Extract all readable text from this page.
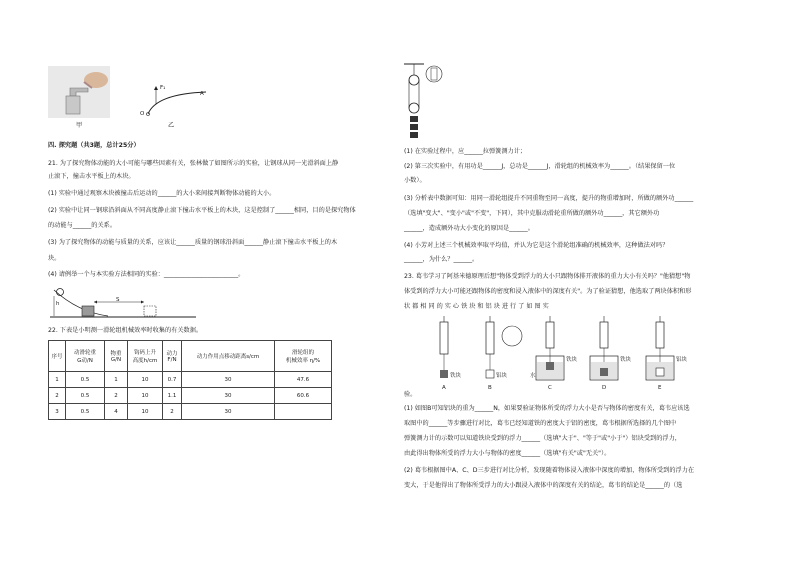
甲
O
F₁
A
乙
四. 探究题（共3题，总计25分）
21. 为了探究物体动能的大小可能与哪些因素有关，张林做了如图所示的实验，让钢球从同一光滑斜面上静
止滚下，撞击水平板上的木块。
(1) 实验中通过观察木块被撞击后运动的______的大小来间接判断物体动能的大小。
(2) 实验中让同一钢球沿斜面从不同高度静止滚下撞击水平板上的木块，这是控制了______相同，目的是探究物体
的动能与______的关系。
(3) 为了探究物体的动能与质量的关系，应该让______质量的钢球沿斜面______静止滚下撞击水平板上的木
块。
(4) 请例举一个与本实验方法相同的实验：________________________。
h
S
22. 下表是小明测一滑轮组机械效率时收集的有关数据。
序号	动滑轮重
G动/N	物重
G/N	钩码上升
高度h/cm	动力
F/N	动力作用点移动距离s/cm	滑轮组的
机械效率 η/%
1	0.5	1	10	0.7	30	47.6
2	0.5	2	10	1.1	30	60.6
3	0.5	4	10	2	30	
(1) 在实验过程中，应______拉弹簧测力计；
(2) 第三次实验中，有用功是______J，总功是______J，滑轮组的机械效率为______。（结果保留一位
小数）。
(3) 分析表中数据可知：用同一滑轮组提升不同重物至同一高度，提升的物重增加时，所做的额外功______
（选填"变大"、"变小"或"不变"，下同），其中克服动滑轮重所做的额外功______，其它额外功
______，造成额外功大小变化的原因是______。
(4) 小芳对上述三个机械效率取平均值，并认为它是这个滑轮组准确的机械效率，这种做法对吗？
______，为什么？______。
23. 葛韦学习了阿基米德原理后想"物体受到浮力的大小只跟物体排开液体的重力大小有关吗？"他猜想"物
体受到的浮力大小可能还跟物体的密度和浸入液体中的深度有关"。为了验证猜想，他选取了两块体积和形
状 都 相 同 的 实 心 铁 块 和 铝 块 进 行 了 如 图 实
A	B	C	D	E
铁块	铝块
铁块	铁块	铝块
水
验。
(1) 如图B可知铝块的重为______N，如果要验证物体所受的浮力大小是否与物体的密度有关，葛韦应该选
取图中的______等步骤进行对比，葛韦已经知道铁的密度大于铝的密度，葛韦根据所选择的几个图中
弹簧测力计的示数可以知道铁块受到的浮力______（选填"大于"、"等于"或"小于"）铝块受到的浮力，
由此得出物体所受的浮力大小与物体的密度______（选填"有关"或"无关"）。
(2) 葛韦根据图中A、C、D三步进行对比分析，发现随着物体浸入液体中深度的增加，物体所受到的浮力在
变大，于是他得出了物体所受浮力的大小跟浸入液体中的深度有关的结论，葛韦的结论是______的（选
